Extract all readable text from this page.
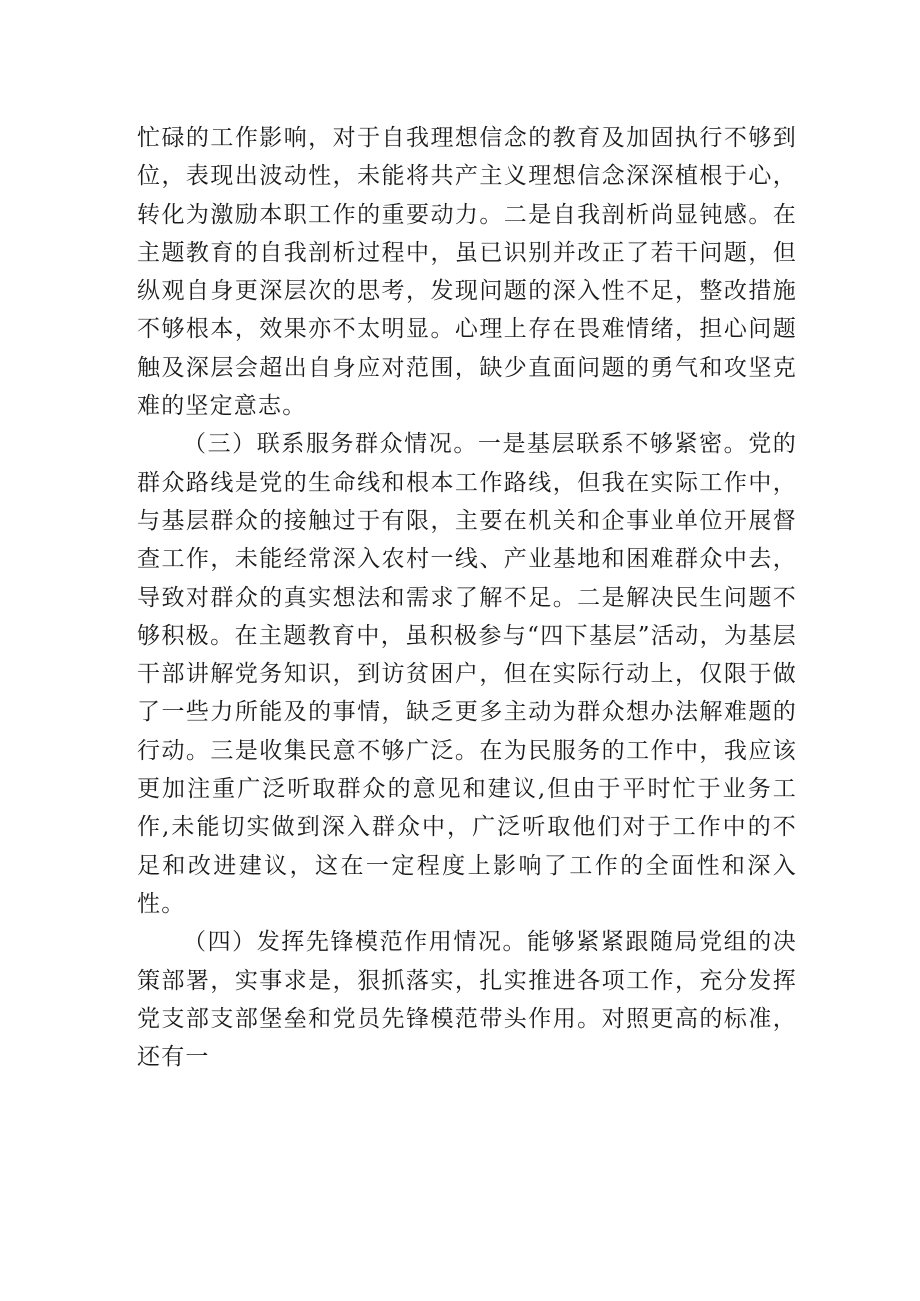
忙碌的工作影响，对于自我理想信念的教育及加固执行不够到位，表现出波动性，未能将共产主义理想信念深深植根于心，转化为激励本职工作的重要动力。二是自我剖析尚显钝感。在主题教育的自我剖析过程中，虽已识别并改正了若干问题，但纵观自身更深层次的思考，发现问题的深入性不足，整改措施不够根本，效果亦不太明显。心理上存在畏难情绪，担心问题触及深层会超出自身应对范围，缺少直面问题的勇气和攻坚克难的坚定意志。

（三）联系服务群众情况。一是基层联系不够紧密。党的群众路线是党的生命线和根本工作路线，但我在实际工作中，与基层群众的接触过于有限，主要在机关和企事业单位开展督查工作，未能经常深入农村一线、产业基地和困难群众中去，导致对群众的真实想法和需求了解不足。二是解决民生问题不够积极。在主题教育中，虽积极参与“四下基层”活动，为基层干部讲解党务知识，到访贫困户，但在实际行动上，仅限于做了一些力所能及的事情，缺乏更多主动为群众想办法解难题的行动。三是收集民意不够广泛。在为民服务的工作中，我应该更加注重广泛听取群众的意见和建议,但由于平时忙于业务工作,未能切实做到深入群众中，广泛听取他们对于工作中的不足和改进建议，这在一定程度上影响了工作的全面性和深入性。

（四）发挥先锋模范作用情况。能够紧紧跟随局党组的决策部署，实事求是，狠抓落实，扎实推进各项工作，充分发挥党支部支部堡垒和党员先锋模范带头作用。对照更高的标准，还有一
